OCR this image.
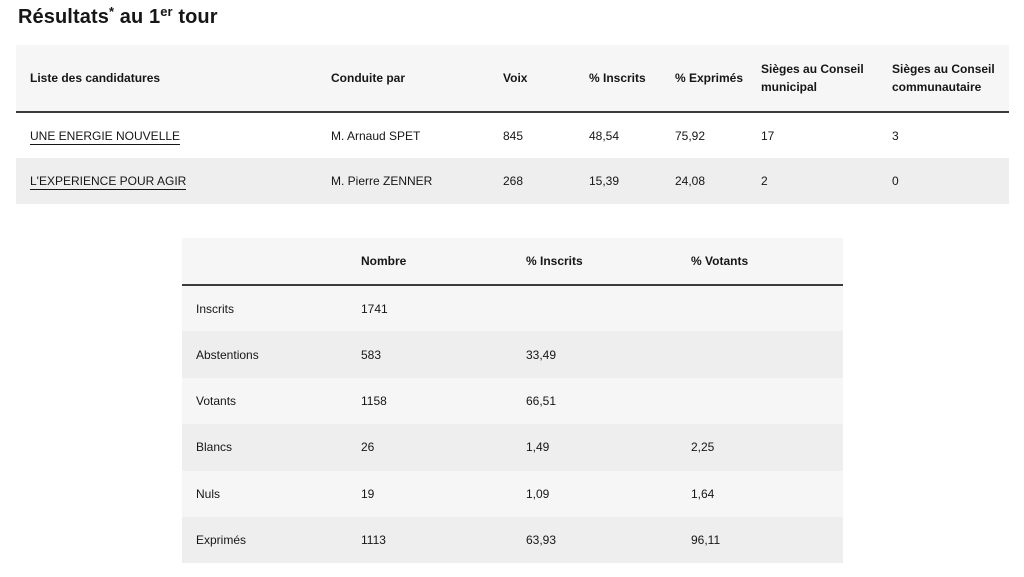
Résultats* au 1er tour
Liste des candidatures	Conduite par	Voix	% Inscrits	% Exprimés	Sièges au Conseil municipal	Sièges au Conseil communautaire
UNE ENERGIE NOUVELLE	M. Arnaud SPET	845	48,54	75,92	17	3
L'EXPERIENCE POUR AGIR	M. Pierre ZENNER	268	15,39	24,08	2	0
	Nombre	% Inscrits	% Votants
Inscrits	1741		
Abstentions	583	33,49	
Votants	1158	66,51	
Blancs	26	1,49	2,25
Nuls	19	1,09	1,64
Exprimés	1113	63,93	96,11
